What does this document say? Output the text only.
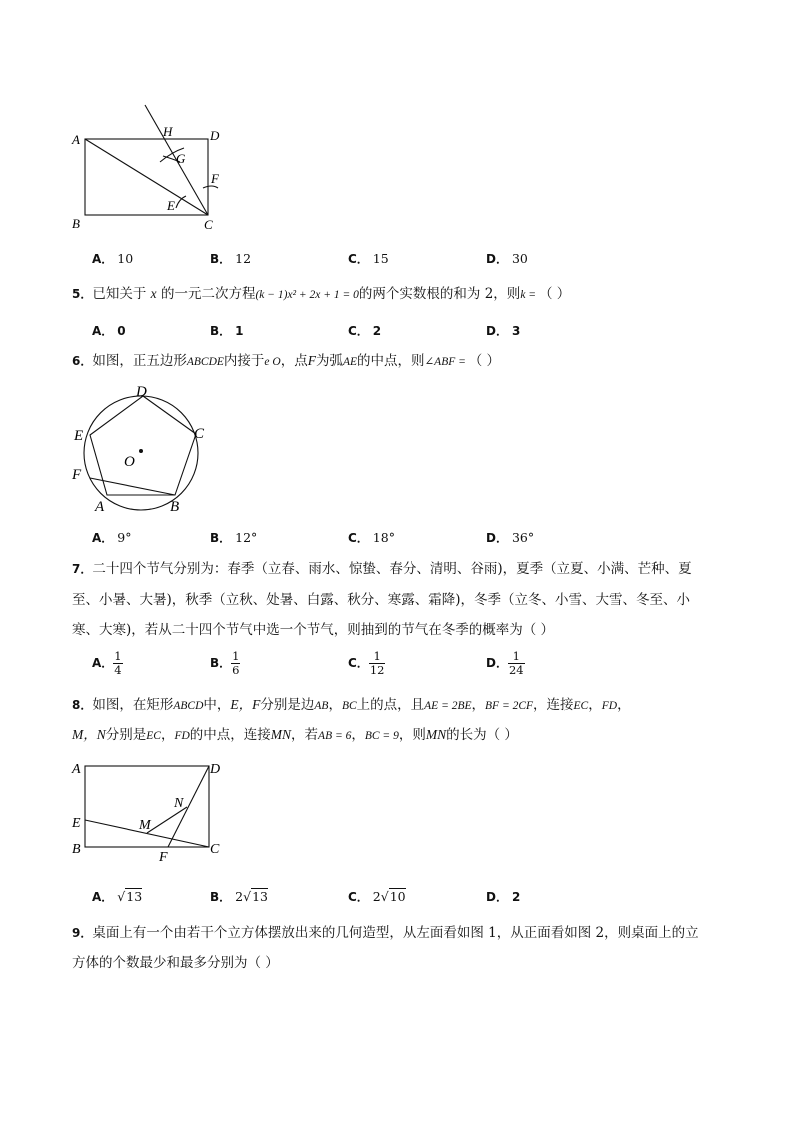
A
B	C
D
H
G
F
E
A． 10	B． 12	C． 15	D． 30
5．已知关于 x 的一元二次方程(k − 1)x² + 2x + 1 = 0的两个实数根的和为 2，则k = （ ）
A． 0	B． 1	C． 2	D． 3
6．如图，正五边形ABCDE内接于e O，点F为弧AE的中点，则∠ABF = （ ）
D
C
E
O
F
A	B
A． 9°	B． 12°	C． 18°	D． 36°
7．二十四个节气分别为：春季（立春、雨水、惊蛰、春分、清明、谷雨)，夏季（立夏、小满、芒种、夏
至、小暑、大暑)，秋季（立秋、处暑、白露、秋分、寒露、霜降)，冬季（立冬、小雪、大雪、冬至、小
寒、大寒)，若从二十四个节气中选一个节气，则抽到的节气在冬季的概率为（ ）
A． $\frac{1}{4}$	B． $\frac{1}{6}$	C． $\frac{1}{12}$	D． $\frac{1}{24}$
8．如图，在矩形ABCD中，E，F分别是边AB，BC上的点，且AE = 2BE，BF = 2CF，连接EC，FD，
M，N分别是EC，FD的中点，连接MN，若AB = 6，BC = 9，则MN的长为（ ）
A	D
E
B	C
F
M
N
A． √13	B． 2√13	C． 2√10	D． 2
9．桌面上有一个由若干个立方体摆放出来的几何造型，从左面看如图 1，从正面看如图 2，则桌面上的立
方体的个数最少和最多分别为（ ）
